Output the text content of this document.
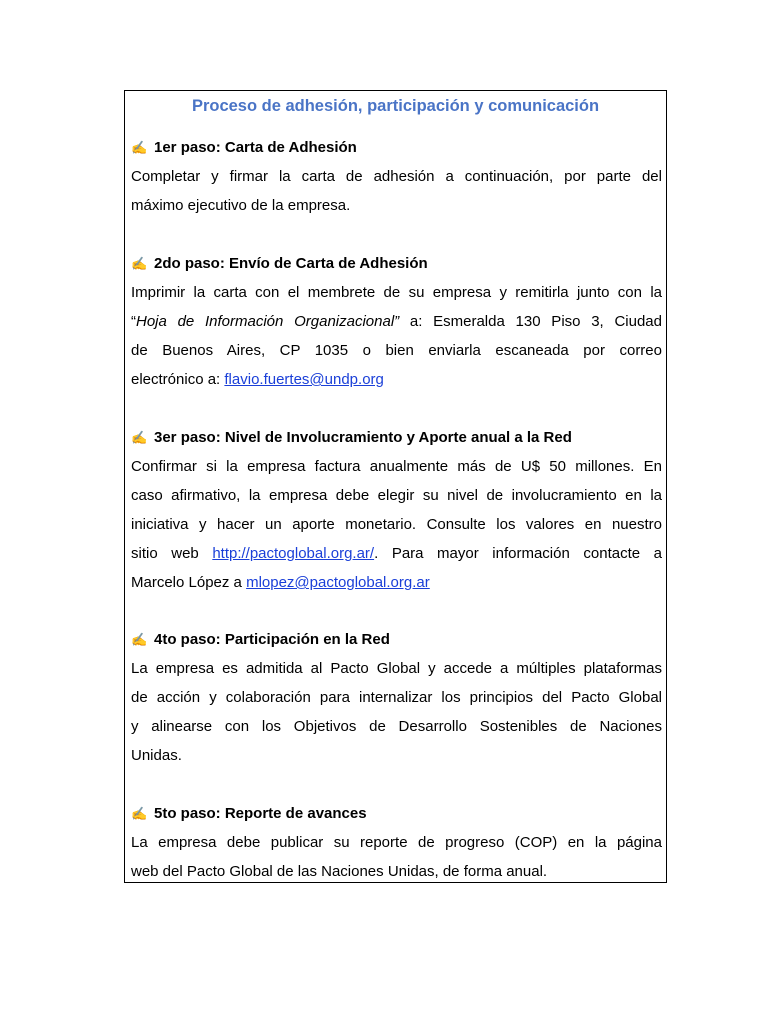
Proceso de adhesión, participación y comunicación
✍ 1er paso: Carta de Adhesión
Completar y firmar la carta de adhesión a continuación, por parte del
máximo ejecutivo de la empresa.
✍ 2do paso: Envío de Carta de Adhesión
Imprimir la carta con el membrete de su empresa y remitirla junto con la
“Hoja de Información Organizacional” a: Esmeralda 130 Piso 3, Ciudad
de Buenos Aires, CP 1035 o bien enviarla escaneada por correo
electrónico a: flavio.fuertes@undp.org
✍ 3er paso: Nivel de Involucramiento y Aporte anual a la Red
Confirmar si la empresa factura anualmente más de U$ 50 millones. En
caso afirmativo, la empresa debe elegir su nivel de involucramiento en la
iniciativa y hacer un aporte monetario. Consulte los valores en nuestro
sitio web http://pactoglobal.org.ar/. Para mayor información contacte a
Marcelo López a mlopez@pactoglobal.org.ar
✍ 4to paso: Participación en la Red
La empresa es admitida al Pacto Global y accede a múltiples plataformas
de acción y colaboración para internalizar los principios del Pacto Global
y alinearse con los Objetivos de Desarrollo Sostenibles de Naciones
Unidas.
✍ 5to paso: Reporte de avances
La empresa debe publicar su reporte de progreso (COP) en la página
web del Pacto Global de las Naciones Unidas, de forma anual.
